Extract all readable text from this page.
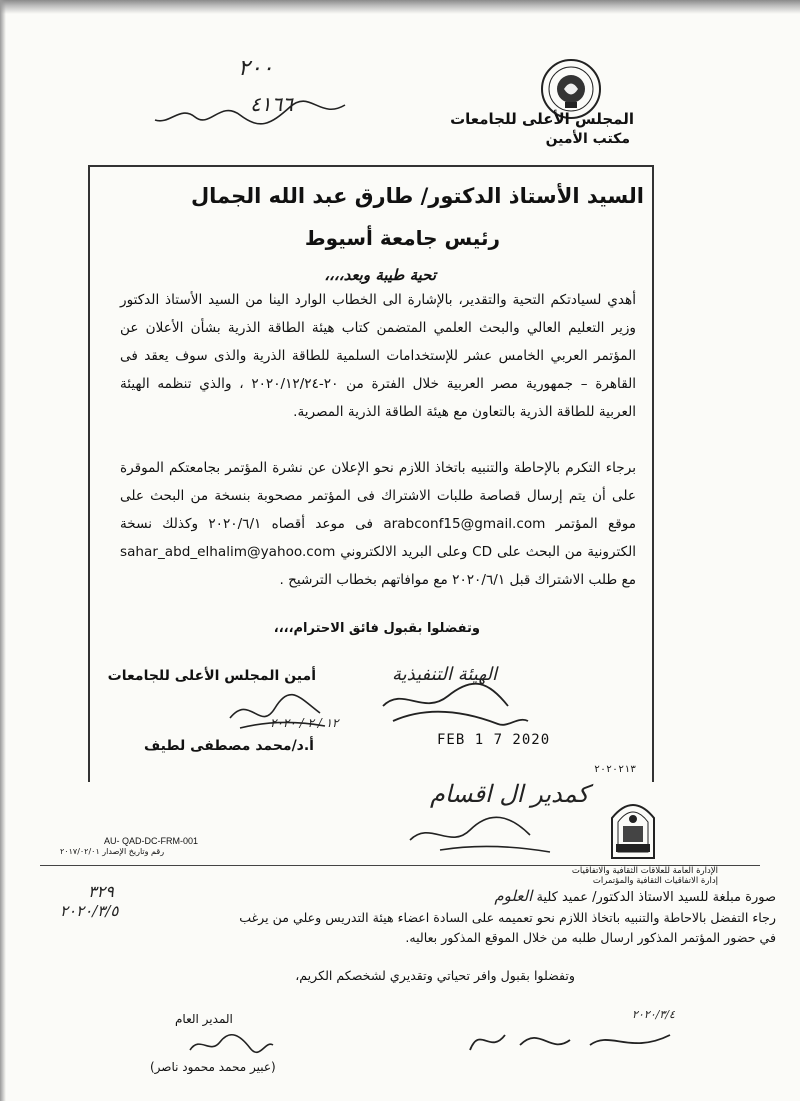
٢٠٠
٤١٦٦
المجلس الأعلى للجامعات
مكتب الأمين
السيد الأستاذ الدكتور/ طارق عبد الله الجمال
رئيس جامعة أسيوط
تحية طيبة وبعد،،،،
أهدي لسيادتكم التحية والتقدير، بالإشارة الى الخطاب الوارد الينا من السيد الأستاذ الدكتور وزير التعليم العالي والبحث العلمي المتضمن كتاب هيئة الطاقة الذرية بشأن الأعلان عن المؤتمر العربي الخامس عشر للإستخدامات السلمية للطاقة الذرية والذى سوف يعقد فى القاهرة – جمهورية مصر العربية خلال الفترة من ٢٠-٢٠٢٠/١٢/٢٤ ، والذي تنظمه الهيئة العربية للطاقة الذرية بالتعاون مع هيئة الطاقة الذرية المصرية.
برجاء التكرم بالإحاطة والتنبيه باتخاذ اللازم نحو الإعلان عن نشرة المؤتمر بجامعتكم الموقرة على أن يتم إرسال قصاصة طلبات الاشتراك فى المؤتمر مصحوبة بنسخة من البحث على موقع المؤتمر arabconf15@gmail.com فى موعد أقصاه ٢٠٢٠/٦/١ وكذلك نسخة الكترونية من البحث على CD وعلى البريد الالكتروني sahar_abd_elhalim@yahoo.com مع طلب الاشتراك قبل ٢٠٢٠/٦/١ مع موافاتهم بخطاب الترشيح .
وتفضلوا بقبول فائق الاحترام،،،،
أمين المجلس الأعلى للجامعات
١٢ / ٢ / ٢٠٢٠
أ.د/محمد مصطفى لطيف
الهيئة التنفيذية
FEB 1 7 2020
٢٠٢٠٢١٣
كمدير ال اقسام
الإدارة العامة للعلاقات الثقافية والاتفاقيات
إدارة الاتفاقيات الثقافية والمؤتمرات
AU- QAD-DC-FRM-001
رقم وتاريخ الإصدار ٢٠١٧/٠٢/٠١
٣٢٩
٢٠٢٠/٣/٥
صورة مبلغة للسيد الاستاذ الدكتور/ عميد كلية العلوم
رجاء التفضل بالاحاطة والتنبيه باتخاذ اللازم نحو تعميمه على السادة اعضاء هيئة التدريس وعلي من يرغب
في حضور المؤتمر المذكور ارسال طلبه من خلال الموقع المذكور بعاليه.
وتفضلوا بقبول وافر تحياتي وتقديري لشخصكم الكريم،
٢٠٢٠/٣/٤
المدير العام
(عبير محمد محمود ناصر)
